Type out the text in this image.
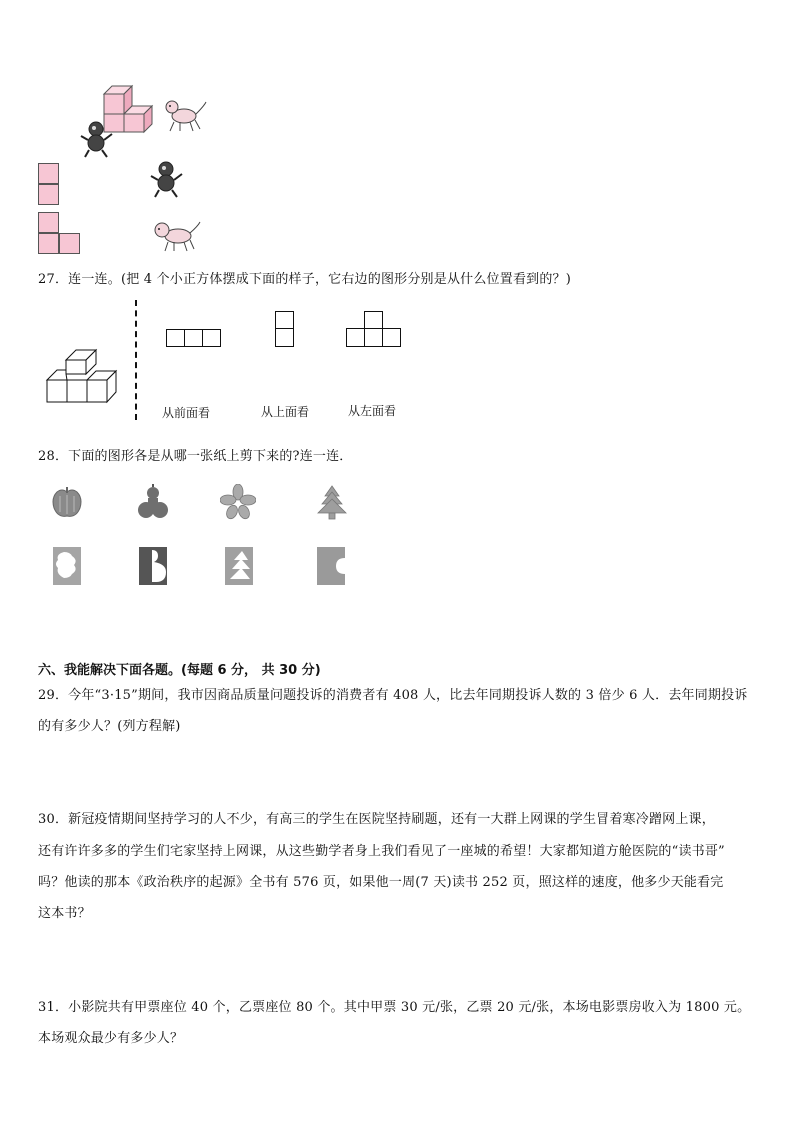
27．连一连。(把 4 个小正方体摆成下面的样子，它右边的图形分别是从什么位置看到的？)
从前面看	从上面看	从左面看
28．下面的图形各是从哪一张纸上剪下来的?连一连．
六、我能解决下面各题。(每题 6 分， 共 30 分)
29．今年“3·15”期间，我市因商品质量问题投诉的消费者有 408 人，比去年同期投诉人数的 3 倍少 6 人．去年同期投诉
的有多少人？(列方程解)
30．新冠疫情期间坚持学习的人不少，有高三的学生在医院坚持刷题，还有一大群上网课的学生冒着寒冷蹭网上课，
还有许许多多的学生们宅家坚持上网课，从这些勤学者身上我们看见了一座城的希望！大家都知道方舱医院的“读书哥”
吗？他读的那本《政治秩序的起源》全书有 576 页，如果他一周(7 天)读书 252 页，照这样的速度，他多少天能看完
这本书？
31．小影院共有甲票座位 40 个，乙票座位 80 个。其中甲票 30 元/张，乙票 20 元/张，本场电影票房收入为 1800 元。
本场观众最少有多少人？
